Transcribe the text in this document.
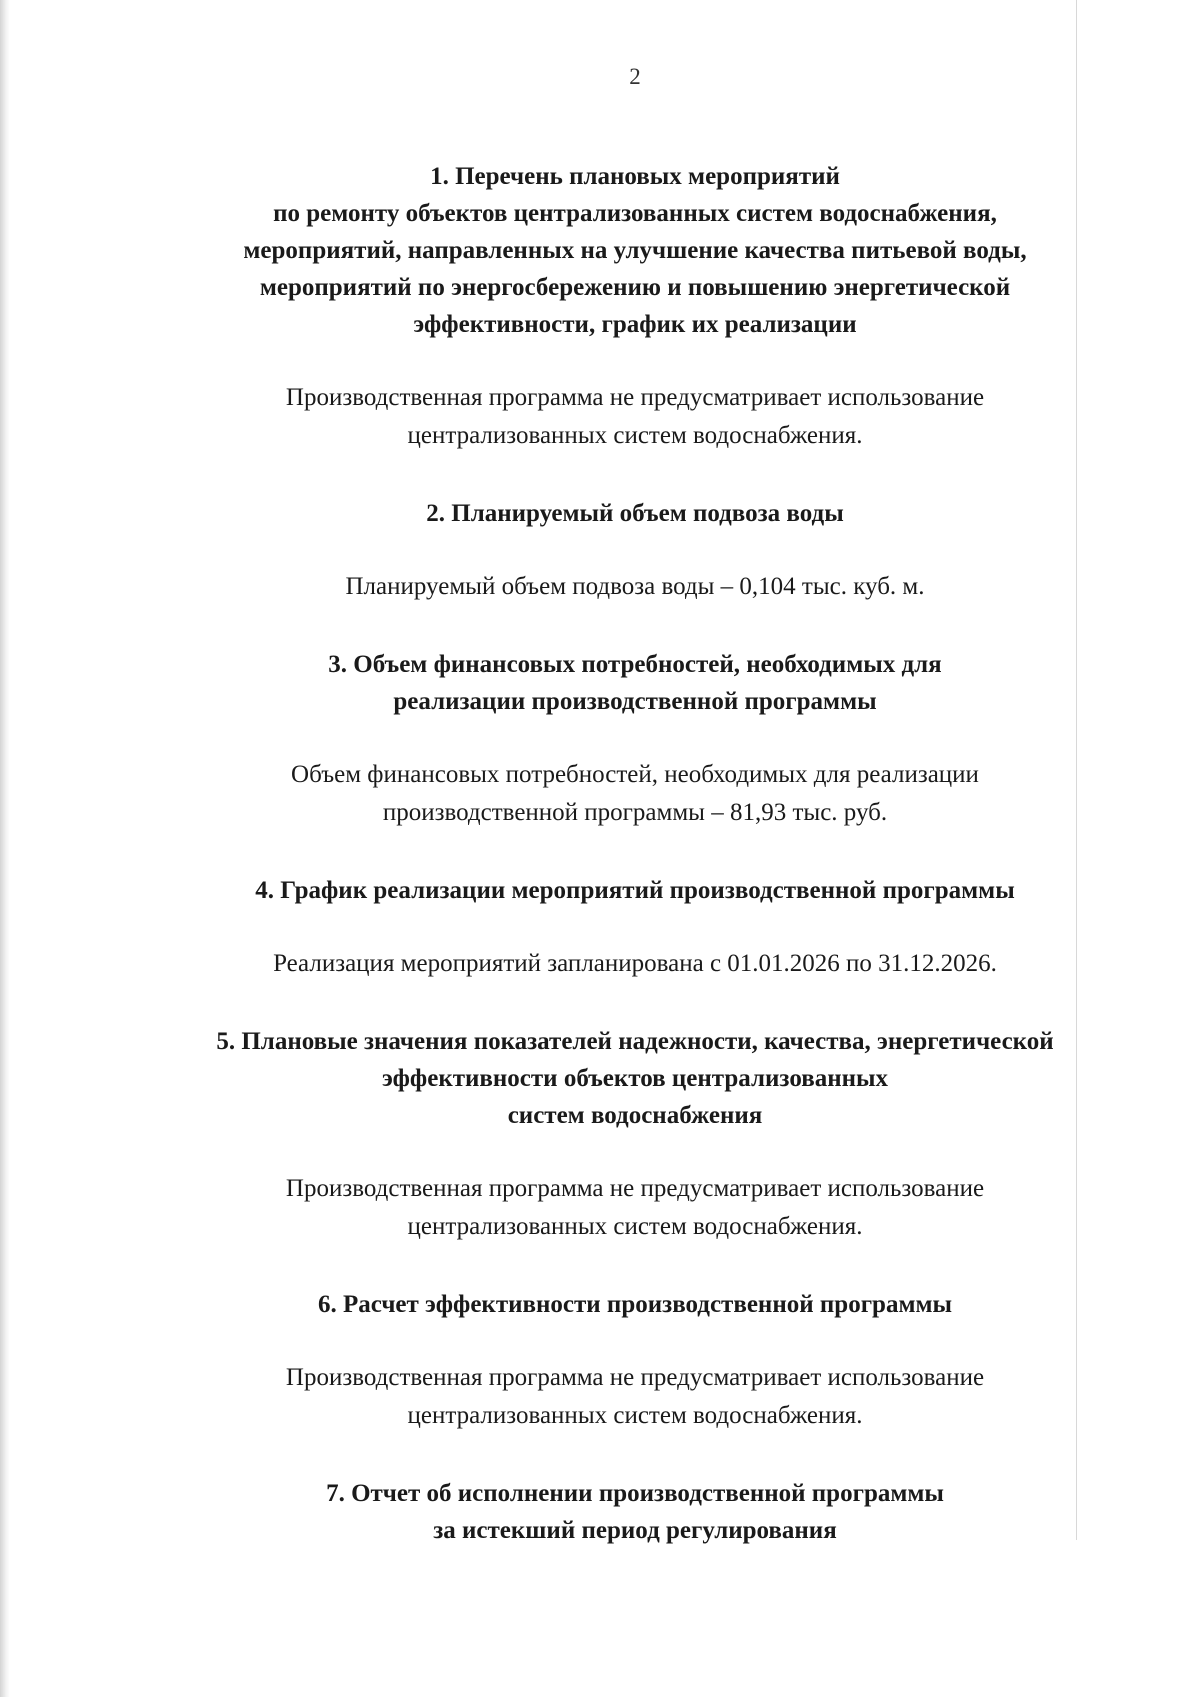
2
1. Перечень плановых мероприятий
по ремонту объектов централизованных систем водоснабжения,
мероприятий, направленных на улучшение качества питьевой воды,
мероприятий по энергосбережению и повышению энергетической
эффективности, график их реализации

Производственная программа не предусматривает использование
централизованных систем водоснабжения.

2. Планируемый объем подвоза воды

Планируемый объем подвоза воды – 0,104 тыс. куб. м.

3. Объем финансовых потребностей, необходимых для
реализации производственной программы

Объем финансовых потребностей, необходимых для реализации
производственной программы – 81,93 тыс. руб.

4. График реализации мероприятий производственной программы

Реализация мероприятий запланирована с 01.01.2026 по 31.12.2026.

5. Плановые значения показателей надежности, качества, энергетической
эффективности объектов централизованных
систем водоснабжения

Производственная программа не предусматривает использование
централизованных систем водоснабжения.

6. Расчет эффективности производственной программы

Производственная программа не предусматривает использование
централизованных систем водоснабжения.

7. Отчет об исполнении производственной программы
за истекший период регулирования
